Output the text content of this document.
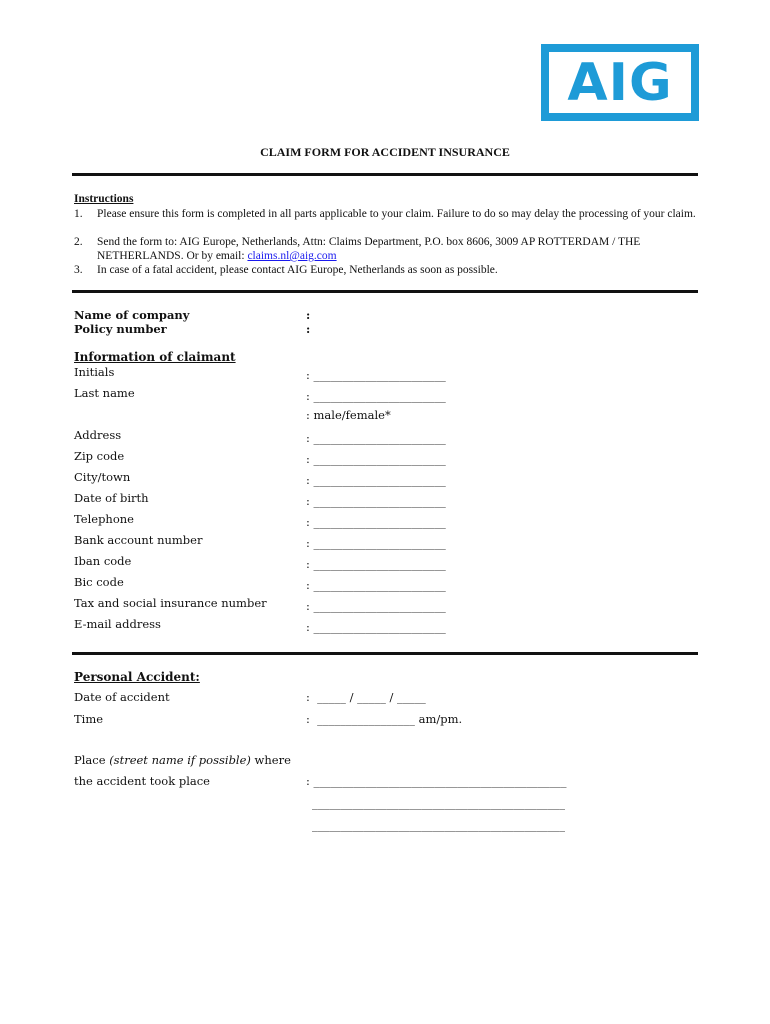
AIG
CLAIM FORM FOR ACCIDENT INSURANCE
Instructions
1. Please ensure this form is completed in all parts applicable to your claim. Failure to do so may delay the processing of your claim.
2. Send the form to: AIG Europe, Netherlands, Attn: Claims Department, P.O. box 8606, 3009 AP ROTTERDAM / THE NETHERLANDS. Or by email: claims.nl@aig.com
3. In case of a fatal accident, please contact AIG Europe, Netherlands as soon as possible.
Name of company	:
Policy number	:
Information of claimant
Initials	: _______________________
Last name	: _______________________
: male/female*
Address	: _______________________
Zip code	: _______________________
City/town	: _______________________
Date of birth	: _______________________
Telephone	: _______________________
Bank account number	: _______________________
Iban code	: _______________________
Bic code	: _______________________
Tax and social insurance number	: _______________________
E-mail address	: _______________________
Personal Accident:
Date of accident	:  _____ / _____ / _____
Time	:  _________________ am/pm.
Place (street name if possible) where
the accident took place	: ____________________________________________
____________________________________________
____________________________________________
